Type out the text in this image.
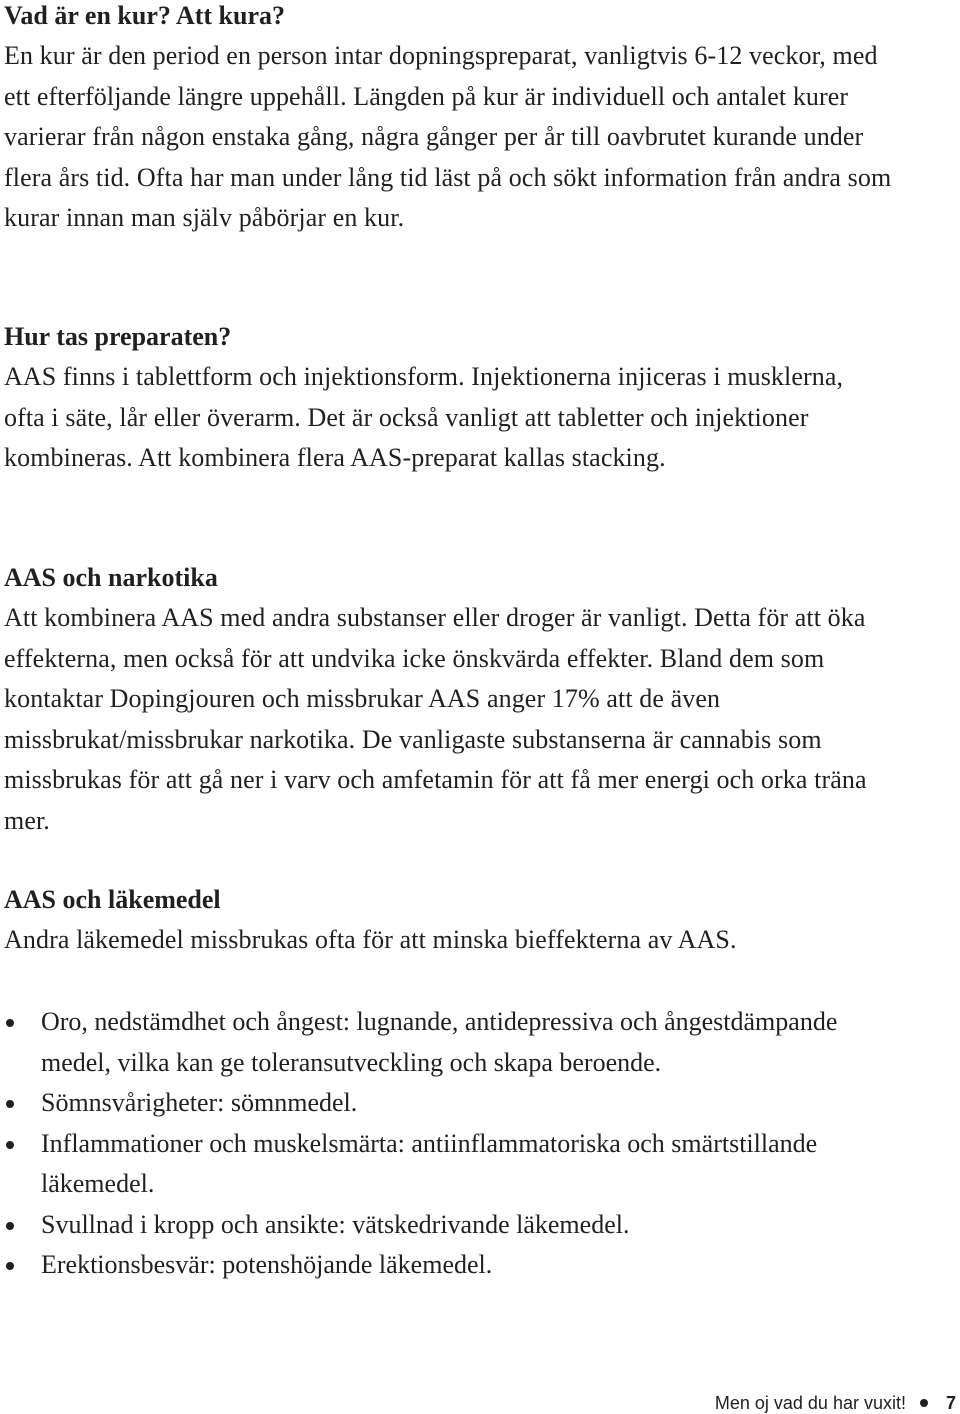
Vad är en kur? Att kura?

En kur är den period en person intar dopningspreparat, vanligtvis 6-12 veckor, med ett efterföljande längre uppehåll. Längden på kur är individuell och antalet kurer varierar från någon enstaka gång, några gånger per år till oavbrutet kurande under flera års tid. Ofta har man under lång tid läst på och sökt information från andra som kurar innan man själv påbörjar en kur.

Hur tas preparaten?

AAS finns i tablettform och injektionsform. Injektionerna injiceras i musklerna, ofta i säte, lår eller överarm. Det är också vanligt att tabletter och injektioner kombineras. Att kombinera flera AAS-preparat kallas stacking.

AAS och narkotika

Att kombinera AAS med andra substanser eller droger är vanligt. Detta för att öka effekterna, men också för att undvika icke önskvärda effekter. Bland dem som kontaktar Dopingjouren och missbrukar AAS anger 17% att de även missbrukat/missbrukar narkotika. De vanligaste substanserna är cannabis som missbrukas för att gå ner i varv och amfetamin för att få mer energi och orka träna mer.

AAS och läkemedel

Andra läkemedel missbrukas ofta för att minska bieffekterna av AAS.

Oro, nedstämdhet och ångest: lugnande, antidepressiva och ångestdämpande medel, vilka kan ge toleransutveckling och skapa beroende.
Sömnsvårigheter: sömnmedel.
Inflammationer och muskelsmärta: antiinflammatoriska och smärtstillande läkemedel.
Svullnad i kropp och ansikte: vätskedrivande läkemedel.
Erektionsbesvär: potenshöjande läkemedel.
Men oj vad du har vuxit! 7
